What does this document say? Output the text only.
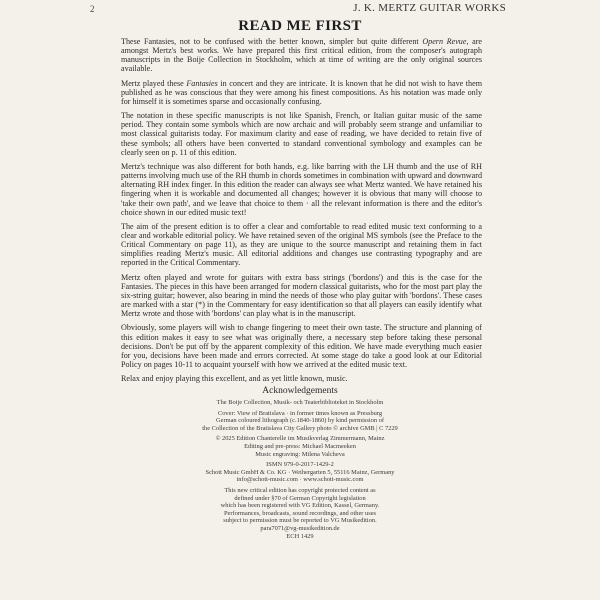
2	J. K. MERTZ GUITAR WORKS
READ ME FIRST

These Fantasies, not to be confused with the better known, simpler but quite different Opern Revue, are amongst Mertz's best works. We have prepared this first critical edition, from the composer's autograph manuscripts in the Boije Collection in Stockholm, which at time of writing are the only original sources available.

Mertz played these Fantasies in concert and they are intricate. It is known that he did not wish to have them published as he was conscious that they were among his finest compositions. As his notation was made only for himself it is sometimes sparse and occasionally confusing.

The notation in these specific manuscripts is not like Spanish, French, or Italian guitar music of the same period. They contain some symbols which are now archaic and will probably seem strange and unfamiliar to most classical guitarists today. For maximum clarity and ease of reading, we have decided to retain five of these symbols; all others have been converted to standard conventional symbology and examples can be clearly seen on p. 11 of this edition.

Mertz's technique was also different for both hands, e.g. like barring with the LH thumb and the use of RH patterns involving much use of the RH thumb in chords sometimes in combination with upward and downward alternating RH index finger. In this edition the reader can always see what Mertz wanted. We have retained his fingering when it is workable and documented all changes; however it is obvious that many will choose to 'take their own path', and we leave that choice to them · all the relevant information is there and the editor's choice shown in our edited music text!

The aim of the present edition is to offer a clear and comfortable to read edited music text conforming to a clear and workable editorial policy. We have retained seven of the original MS symbols (see the Preface to the Critical Commentary on page 11), as they are unique to the source manuscript and retaining them in fact simplifies reading Mertz's music. All editorial additions and changes use contrasting typography and are reported in the Critical Commentary.

Mertz often played and wrote for guitars with extra bass strings ('bordons') and this is the case for the Fantasies. The pieces in this have been arranged for modern classical guitarists, who for the most part play the six-string guitar; however, also bearing in mind the needs of those who play guitar with 'bordons'. These cases are marked with a star (*) in the Commentary for easy identification so that all players can easily identify what Mertz wrote and those with 'bordons' can play what is in the manuscript.

Obviously, some players will wish to change fingering to meet their own taste. The structure and planning of this edition makes it easy to see what was originally there, a necessary step before taking these personal decisions. Don't be put off by the apparent complexity of this edition. We have made everything much easier for you, decisions have been made and errors corrected. At some stage do take a good look at our Editorial Policy on pages 10-11 to acquaint yourself with how we arrived at the edited music text.

Relax and enjoy playing this excellent, and as yet little known, music.

Acknowledgements
The Boije Collection, Musik- och Teaterbiblioteket in Stockholm
Cover: View of Bratislava · in former times known as Pressburg
German coloured lithograph (c.1840-1860) by kind permission of
the Collection of the Bratislava City Gallery photo © archive GMB | C 7229
© 2025 Edition Chanterelle im Musikverlag Zimmermann, Mainz
Editing and pre-press: Michael Macmeeken
Music engraving: Milena Valcheva
ISMN 979-0-2017-1429-2
Schott Music GmbH & Co. KG · Weihergarten 5, 55116 Mainz, Germany
info@schott-music.com · www.schott-music.com
This new critical edition has copyright protected content as
defined under §70 of German Copyright legislation
which has been registered with VG Edition, Kassel, Germany.
Performances, broadcasts, sound recordings, and other uses
subject to permission must be reported to VG Musikedition.
para7071@vg-musikedition.de
ECH 1429
